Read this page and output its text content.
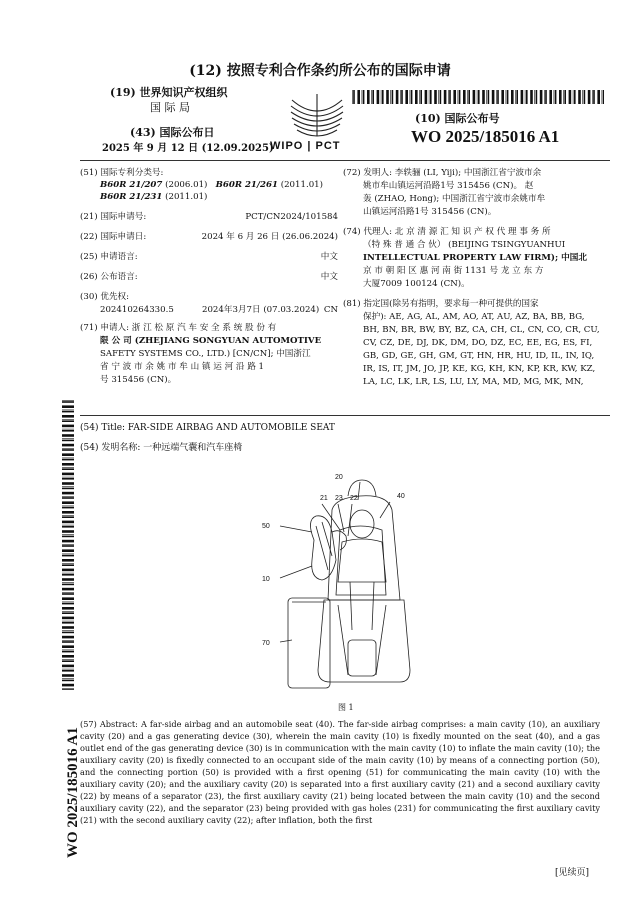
(12) 按照专利合作条约所公布的国际申请
(19) 世界知识产权组织
国 际 局
(43) 国际公布日
2025 年 9 月 12 日 (12.09.2025)
(10) 国际公布号
WO 2025/185016 A1
WIPO | PCT
(51) 国际专利分类号:
B60R 21/207 (2006.01) B60R 21/261 (2011.01)
B60R 21/231 (2011.01)
(21) 国际申请号:	PCT/CN2024/101584
(22) 国际申请日:	2024 年 6 月 26 日 (26.06.2024)
(25) 申请语言:	中文
(26) 公布语言:	中文
(30) 优先权:
202410264330.5	2024年3月7日 (07.03.2024) CN
(71) 申请人: 浙 江 松 原 汽 车 安 全 系 统 股 份 有
限 公 司 (ZHEJIANG SONGYUAN AUTOMOTIVE
SAFETY SYSTEMS CO., LTD.) [CN/CN]; 中国浙江
省 宁 波 市 余 姚 市 牟 山 镇 运 河 沿 路 1
号 315456 (CN)。
(72) 发明人: 李轶骊 (LI, Yiji); 中国浙江省宁波市余
姚市牟山镇运河沿路1号 315456 (CN)。 赵
轰 (ZHAO, Hong); 中国浙江省宁波市余姚市牟
山镇运河沿路1号 315456 (CN)。
(74) 代理人: 北 京 清 源 汇 知 识 产 权 代 理 事 务 所
（特 殊 普 通 合 伙） (BEIJING TSINGYUANHUI
INTELLECTUAL PROPERTY LAW FIRM); 中国北
京 市 朝 阳 区 惠 河 南 街 1131 号 龙 立 东 方
大厦7009 100124 (CN)。
(81) 指定国(除另有指明，要求每一种可提供的国家
保护): AE, AG, AL, AM, AO, AT, AU, AZ, BA, BB, BG,
BH, BN, BR, BW, BY, BZ, CA, CH, CL, CN, CO, CR, CU,
CV, CZ, DE, DJ, DK, DM, DO, DZ, EC, EE, EG, ES, FI,
GB, GD, GE, GH, GM, GT, HN, HR, HU, ID, IL, IN, IQ,
IR, IS, IT, JM, JO, JP, KE, KG, KH, KN, KP, KR, KW, KZ,
LA, LC, LK, LR, LS, LU, LY, MA, MD, MG, MK, MN,
WO 2025/185016 A1
(54) Title: FAR-SIDE AIRBAG AND AUTOMOBILE SEAT
(54) 发明名称: 一种远端气囊和汽车座椅
20
21 23 22	40
50
10
70
图 1
(57) Abstract: A far-side airbag and an automobile seat (40). The far-side airbag comprises: a main cavity (10), an auxiliary cavity (20) and a gas generating device (30), wherein the main cavity (10) is fixedly mounted on the seat (40), and a gas outlet end of the gas generating device (30) is in communication with the main cavity (10) to inflate the main cavity (10); the auxiliary cavity (20) is fixedly connected to an occupant side of the main cavity (10) by means of a connecting portion (50), and the connecting portion (50) is provided with a first opening (51) for communicating the main cavity (10) with the auxiliary cavity (20); and the auxiliary cavity (20) is separated into a first auxiliary cavity (21) and a second auxiliary cavity (22) by means of a separator (23), the first auxiliary cavity (21) being located between the main cavity (10) and the second auxiliary cavity (22), and the separator (23) being provided with gas holes (231) for communicating the first auxiliary cavity (21) with the second auxiliary cavity (22); after inflation, both the first
[见续页]
